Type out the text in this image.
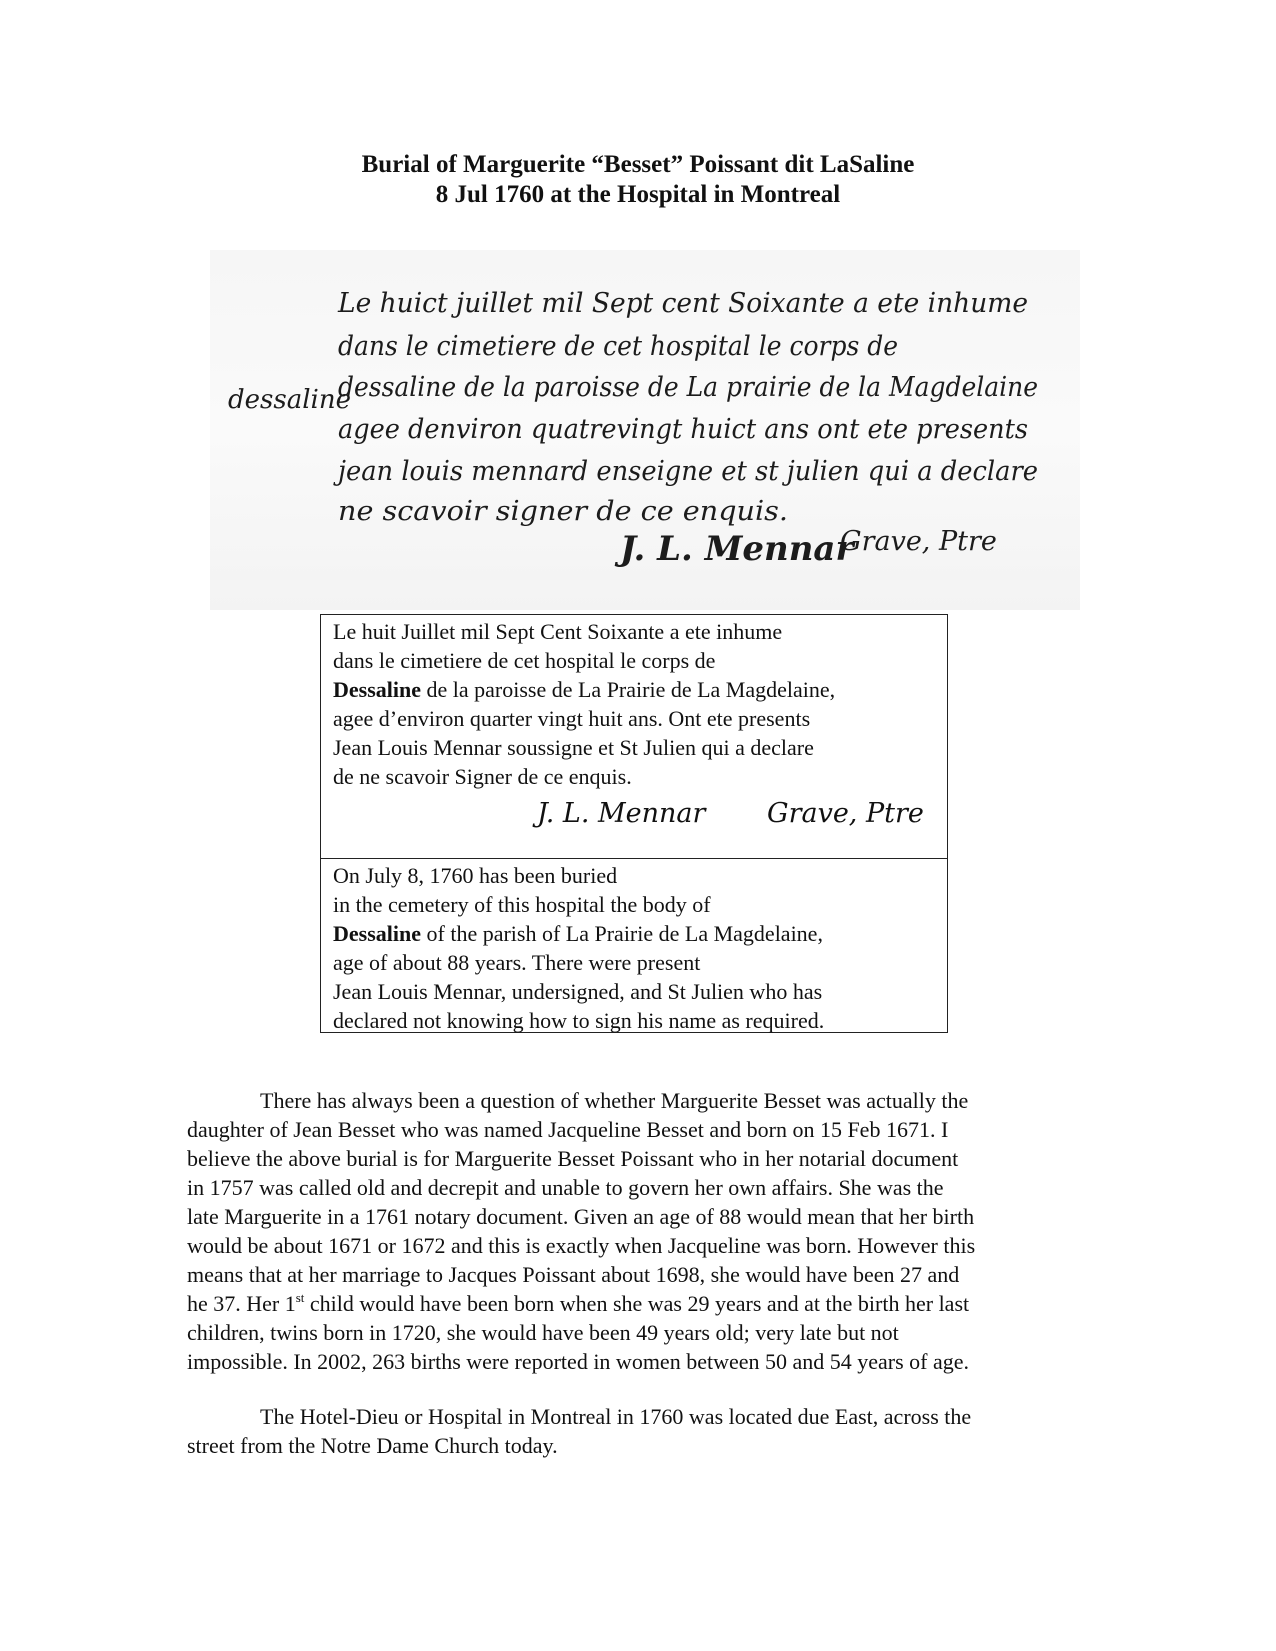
Burial of Marguerite “Besset” Poissant dit LaSaline
8 Jul 1760 at the Hospital in Montreal
dessaline
Le huict juillet mil Sept cent Soixante a ete inhume
dans le cimetiere de cet hospital le corps de
dessaline de la paroisse de La prairie de la Magdelaine
agee denviron quatrevingt huict ans ont ete presents
jean louis mennard enseigne et st julien qui a declare
ne scavoir signer de ce enquis.
J. L. Mennar
Grave, Ptre
Le huit Juillet mil Sept Cent Soixante a ete inhume
dans le cimetiere de cet hospital le corps de
Dessaline de la paroisse de La Prairie de La Magdelaine,
agee d’environ quarter vingt huit ans. Ont ete presents
Jean Louis Mennar soussigne et St Julien qui a declare
de ne scavoir Signer de ce enquis.
J. L. Mennar Grave, Ptre
On July 8, 1760 has been buried
in the cemetery of this hospital the body of
Dessaline of the parish of La Prairie de La Magdelaine,
age of about 88 years. There were present
Jean Louis Mennar, undersigned, and St Julien who has
declared not knowing how to sign his name as required.
There has always been a question of whether Marguerite Besset was actually the
daughter of Jean Besset who was named Jacqueline Besset and born on 15 Feb 1671. I
believe the above burial is for Marguerite Besset Poissant who in her notarial document
in 1757 was called old and decrepit and unable to govern her own affairs. She was the
late Marguerite in a 1761 notary document. Given an age of 88 would mean that her birth
would be about 1671 or 1672 and this is exactly when Jacqueline was born. However this
means that at her marriage to Jacques Poissant about 1698, she would have been 27 and
he 37. Her 1st child would have been born when she was 29 years and at the birth her last
children, twins born in 1720, she would have been 49 years old; very late but not
impossible. In 2002, 263 births were reported in women between 50 and 54 years of age.
The Hotel-Dieu or Hospital in Montreal in 1760 was located due East, across the
street from the Notre Dame Church today.
